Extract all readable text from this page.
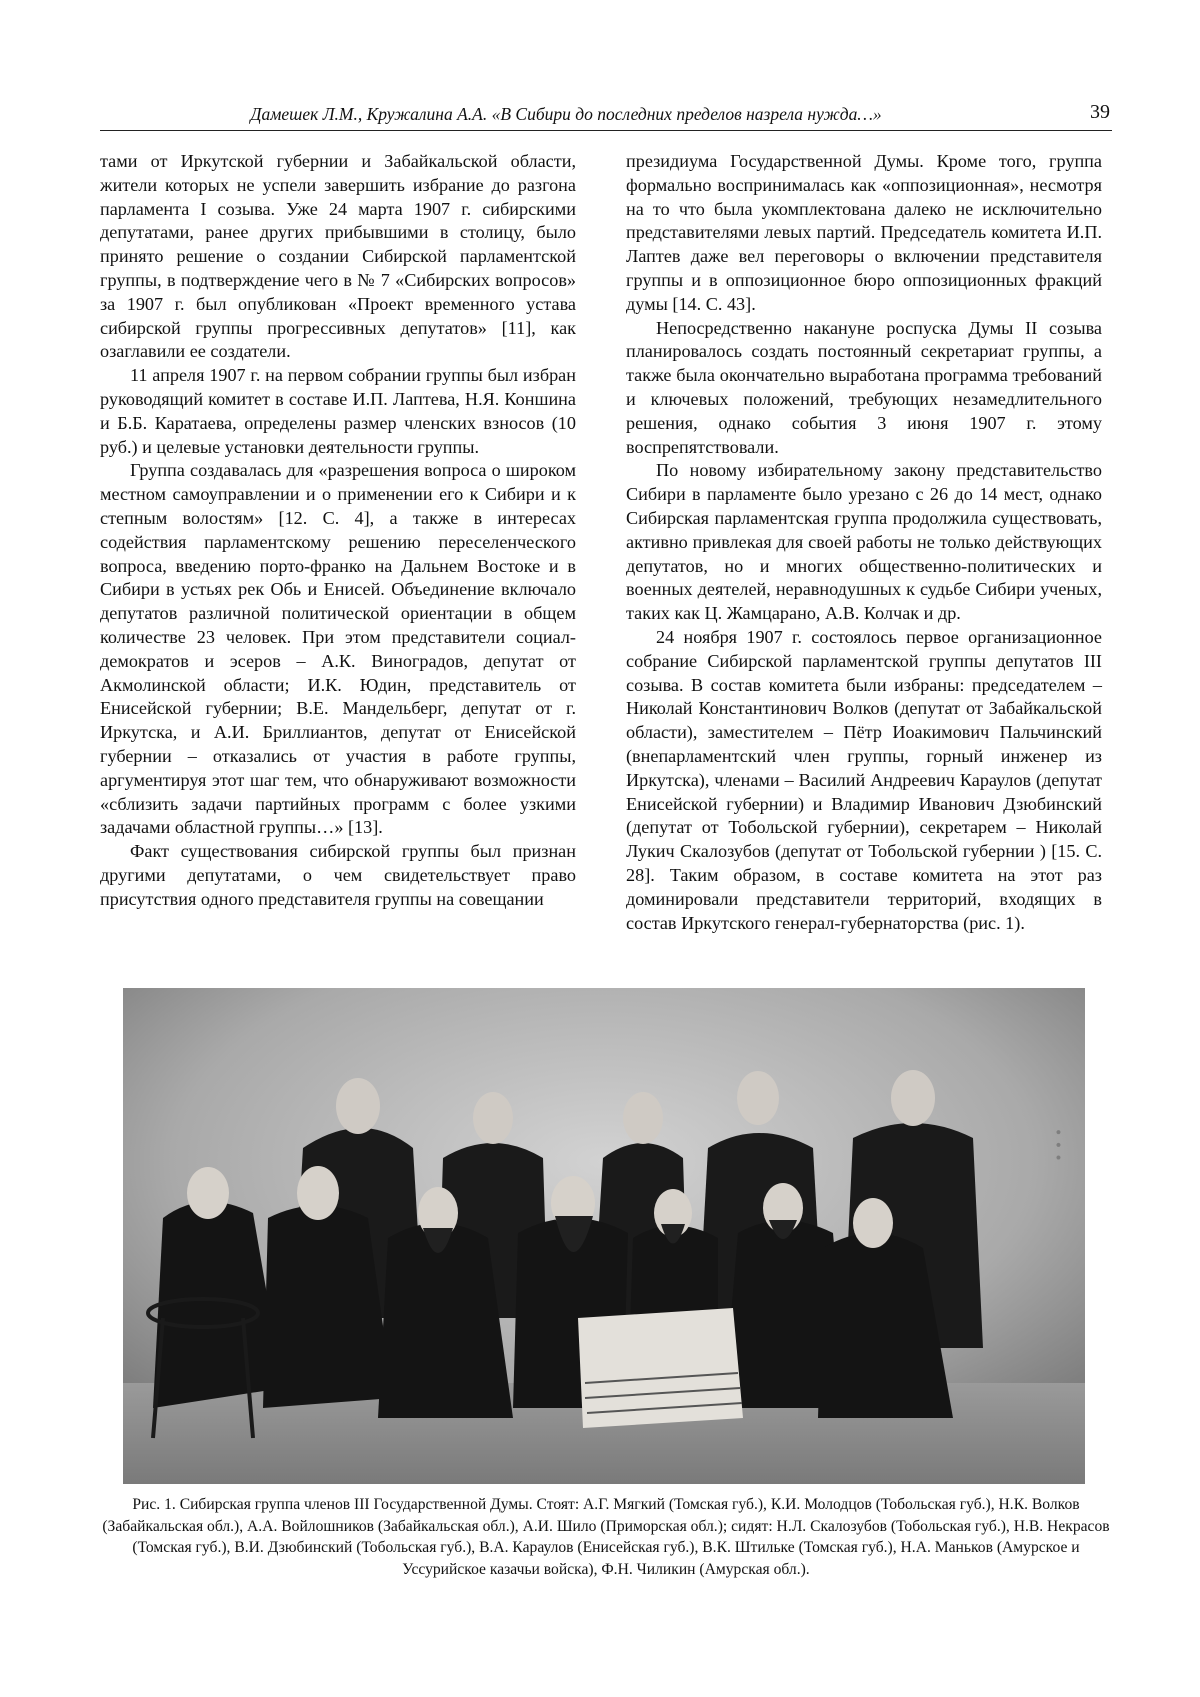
Дамешек Л.М., Кружалина А.А. «В Сибири до последних пределов назрела нужда…»	39

тами от Иркутской губернии и Забайкальской области, жители которых не успели завершить избрание до разгона парламента I созыва. Уже 24 марта 1907 г. сибирскими депутатами, ранее других прибывшими в столицу, было принято решение о создании Сибирской парламентской группы, в подтверждение чего в № 7 «Сибирских вопросов» за 1907 г. был опубликован «Проект временного устава сибирской группы прогрессивных депутатов» [11], как озаглавили ее создатели.

11 апреля 1907 г. на первом собрании группы был избран руководящий комитет в составе И.П. Лаптева, Н.Я. Коншина и Б.Б. Каратаева, определены размер членских взносов (10 руб.) и целевые установки деятельности группы.

Группа создавалась для «разрешения вопроса о широком местном самоуправлении и о применении его к Сибири и к степным волостям» [12. С. 4], а также в интересах содействия парламентскому решению переселенческого вопроса, введению порто-франко на Дальнем Востоке и в Сибири в устьях рек Обь и Енисей. Объединение включало депутатов различной политической ориентации в общем количестве 23 человек. При этом представители социал-демократов и эсеров – А.К. Виноградов, депутат от Акмолинской области; И.К. Юдин, представитель от Енисейской губернии; В.Е. Мандельберг, депутат от г. Иркутска, и А.И. Бриллиантов, депутат от Енисейской губернии – отказались от участия в работе группы, аргументируя этот шаг тем, что обнаруживают возможности «сблизить задачи партийных программ с более узкими задачами областной группы…» [13].

Факт существования сибирской группы был признан другими депутатами, о чем свидетельствует право присутствия одного представителя группы на совещании

президиума Государственной Думы. Кроме того, группа формально воспринималась как «оппозиционная», несмотря на то что была укомплектована далеко не исключительно представителями левых партий. Председатель комитета И.П. Лаптев даже вел переговоры о включении представителя группы и в оппозиционное бюро оппозиционных фракций думы [14. С. 43].

Непосредственно накануне роспуска Думы II созыва планировалось создать постоянный секретариат группы, а также была окончательно выработана программа требований и ключевых положений, требующих незамедлительного решения, однако события 3 июня 1907 г. этому воспрепятствовали.

По новому избирательному закону представительство Сибири в парламенте было урезано с 26 до 14 мест, однако Сибирская парламентская группа продолжила существовать, активно привлекая для своей работы не только действующих депутатов, но и многих общественно-политических и военных деятелей, неравнодушных к судьбе Сибири ученых, таких как Ц. Жамцарано, А.В. Колчак и др.

24 ноября 1907 г. состоялось первое организационное собрание Сибирской парламентской группы депутатов III созыва. В состав комитета были избраны: председателем – Николай Константинович Волков (депутат от Забайкальской области), заместителем – Пётр Иоакимович Пальчинский (внепарламентский член группы, горный инженер из Иркутска), членами – Василий Андреевич Караулов (депутат Енисейской губернии) и Владимир Иванович Дзюбинский (депутат от Тобольской губернии), секретарем – Николай Лукич Скалозубов (депутат от Тобольской губернии ) [15. С. 28]. Таким образом, в составе комитета на этот раз доминировали представители территорий, входящих в состав Иркутского генерал-губернаторства (рис. 1).

• • •
Рис. 1. Сибирская группа членов III Государственной Думы. Стоят: А.Г. Мягкий (Томская губ.), К.И. Молодцов (Тобольская губ.), Н.К. Волков (Забайкальская обл.), А.А. Войлошников (Забайкальская обл.), А.И. Шило (Приморская обл.); сидят: Н.Л. Скалозубов (Тобольская губ.), Н.В. Некрасов (Томская губ.), В.И. Дзюбинский (Тобольская губ.), В.А. Караулов (Енисейская губ.), В.К. Штильке (Томская губ.), Н.А. Маньков (Амурское и Уссурийское казачьи войска), Ф.Н. Чиликин (Амурская обл.).
